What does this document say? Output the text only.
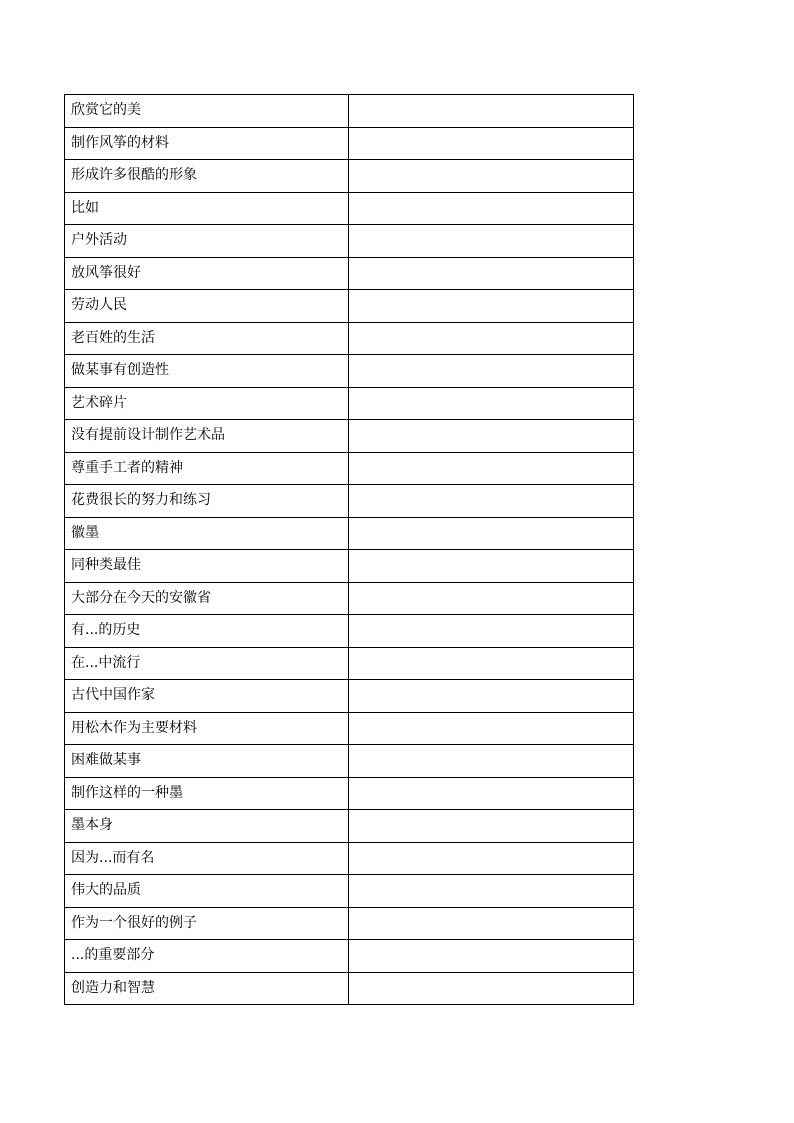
欣赏它的美	
制作风筝的材料	
形成许多很酷的形象	
比如	
户外活动	
放风筝很好	
劳动人民	
老百姓的生活	
做某事有创造性	
艺术碎片	
没有提前设计制作艺术品	
尊重手工者的精神	
花费很长的努力和练习	
徽墨	
同种类最佳	
大部分在今天的安徽省	
有...的历史	
在...中流行	
古代中国作家	
用松木作为主要材料	
困难做某事	
制作这样的一种墨	
墨本身	
因为...而有名	
伟大的品质	
作为一个很好的例子	
...的重要部分	
创造力和智慧	
